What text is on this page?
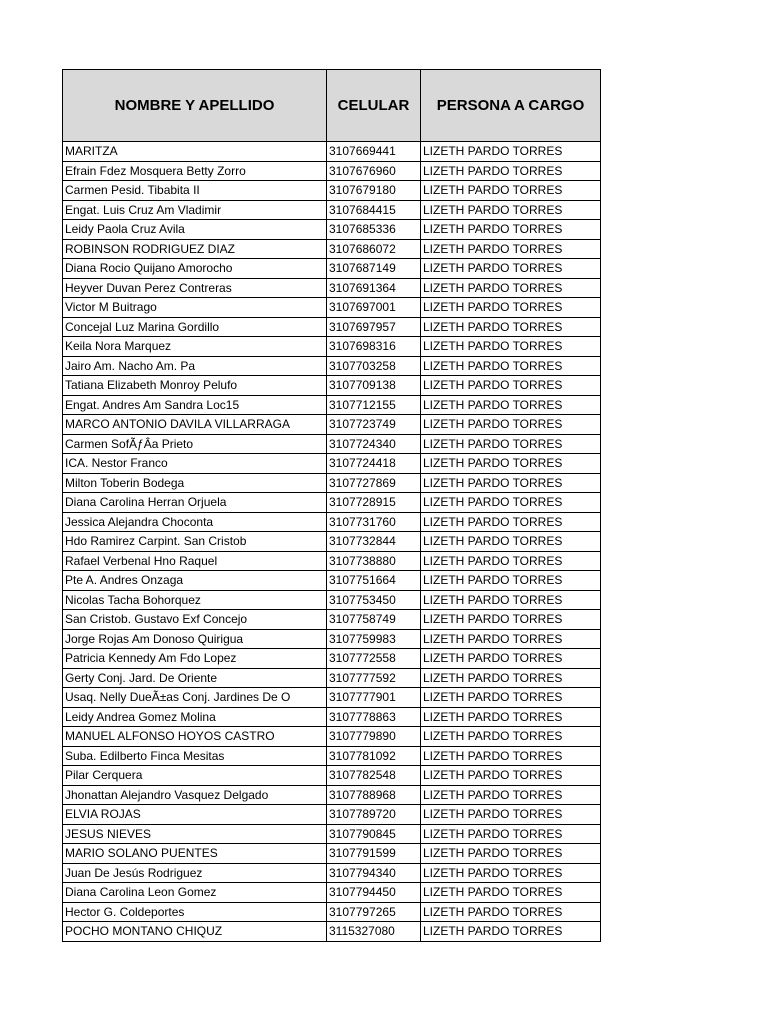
NOMBRE Y APELLIDO	CELULAR	PERSONA A CARGO
MARITZA	3107669441	LIZETH PARDO TORRES
Efrain Fdez Mosquera Betty Zorro	3107676960	LIZETH PARDO TORRES
Carmen Pesid. Tibabita II	3107679180	LIZETH PARDO TORRES
Engat. Luis Cruz Am Vladimir	3107684415	LIZETH PARDO TORRES
Leidy Paola Cruz Avila	3107685336	LIZETH PARDO TORRES
ROBINSON RODRIGUEZ DIAZ	3107686072	LIZETH PARDO TORRES
Diana Rocio Quijano Amorocho	3107687149	LIZETH PARDO TORRES
Heyver Duvan Perez Contreras	3107691364	LIZETH PARDO TORRES
Victor M Buitrago	3107697001	LIZETH PARDO TORRES
Concejal Luz Marina Gordillo	3107697957	LIZETH PARDO TORRES
Keila Nora Marquez	3107698316	LIZETH PARDO TORRES
Jairo Am. Nacho Am. Pa	3107703258	LIZETH PARDO TORRES
Tatiana Elizabeth Monroy Pelufo	3107709138	LIZETH PARDO TORRES
Engat. Andres Am Sandra Loc15	3107712155	LIZETH PARDO TORRES
MARCO ANTONIO DAVILA VILLARRAGA	3107723749	LIZETH PARDO TORRES
Carmen SofÃƒÂa Prieto	3107724340	LIZETH PARDO TORRES
ICA. Nestor Franco	3107724418	LIZETH PARDO TORRES
Milton Toberin Bodega	3107727869	LIZETH PARDO TORRES
Diana Carolina Herran Orjuela	3107728915	LIZETH PARDO TORRES
Jessica Alejandra Choconta	3107731760	LIZETH PARDO TORRES
Hdo Ramirez Carpint. San Cristob	3107732844	LIZETH PARDO TORRES
Rafael Verbenal Hno Raquel	3107738880	LIZETH PARDO TORRES
Pte A. Andres Onzaga	3107751664	LIZETH PARDO TORRES
Nicolas Tacha Bohorquez	3107753450	LIZETH PARDO TORRES
San Cristob. Gustavo Exf Concejo	3107758749	LIZETH PARDO TORRES
Jorge Rojas Am Donoso Quirigua	3107759983	LIZETH PARDO TORRES
Patricia Kennedy Am Fdo Lopez	3107772558	LIZETH PARDO TORRES
Gerty Conj. Jard. De Oriente	3107777592	LIZETH PARDO TORRES
Usaq. Nelly DueÃ±as Conj. Jardines De O	3107777901	LIZETH PARDO TORRES
Leidy Andrea Gomez Molina	3107778863	LIZETH PARDO TORRES
MANUEL ALFONSO HOYOS CASTRO	3107779890	LIZETH PARDO TORRES
Suba. Edilberto Finca Mesitas	3107781092	LIZETH PARDO TORRES
Pilar Cerquera	3107782548	LIZETH PARDO TORRES
Jhonattan Alejandro Vasquez Delgado	3107788968	LIZETH PARDO TORRES
ELVIA ROJAS	3107789720	LIZETH PARDO TORRES
JESUS NIEVES	3107790845	LIZETH PARDO TORRES
MARIO SOLANO PUENTES	3107791599	LIZETH PARDO TORRES
Juan De Jesús Rodriguez	3107794340	LIZETH PARDO TORRES
Diana Carolina Leon Gomez	3107794450	LIZETH PARDO TORRES
Hector G. Coldeportes	3107797265	LIZETH PARDO TORRES
POCHO MONTANO CHIQUZ	3115327080	LIZETH PARDO TORRES
